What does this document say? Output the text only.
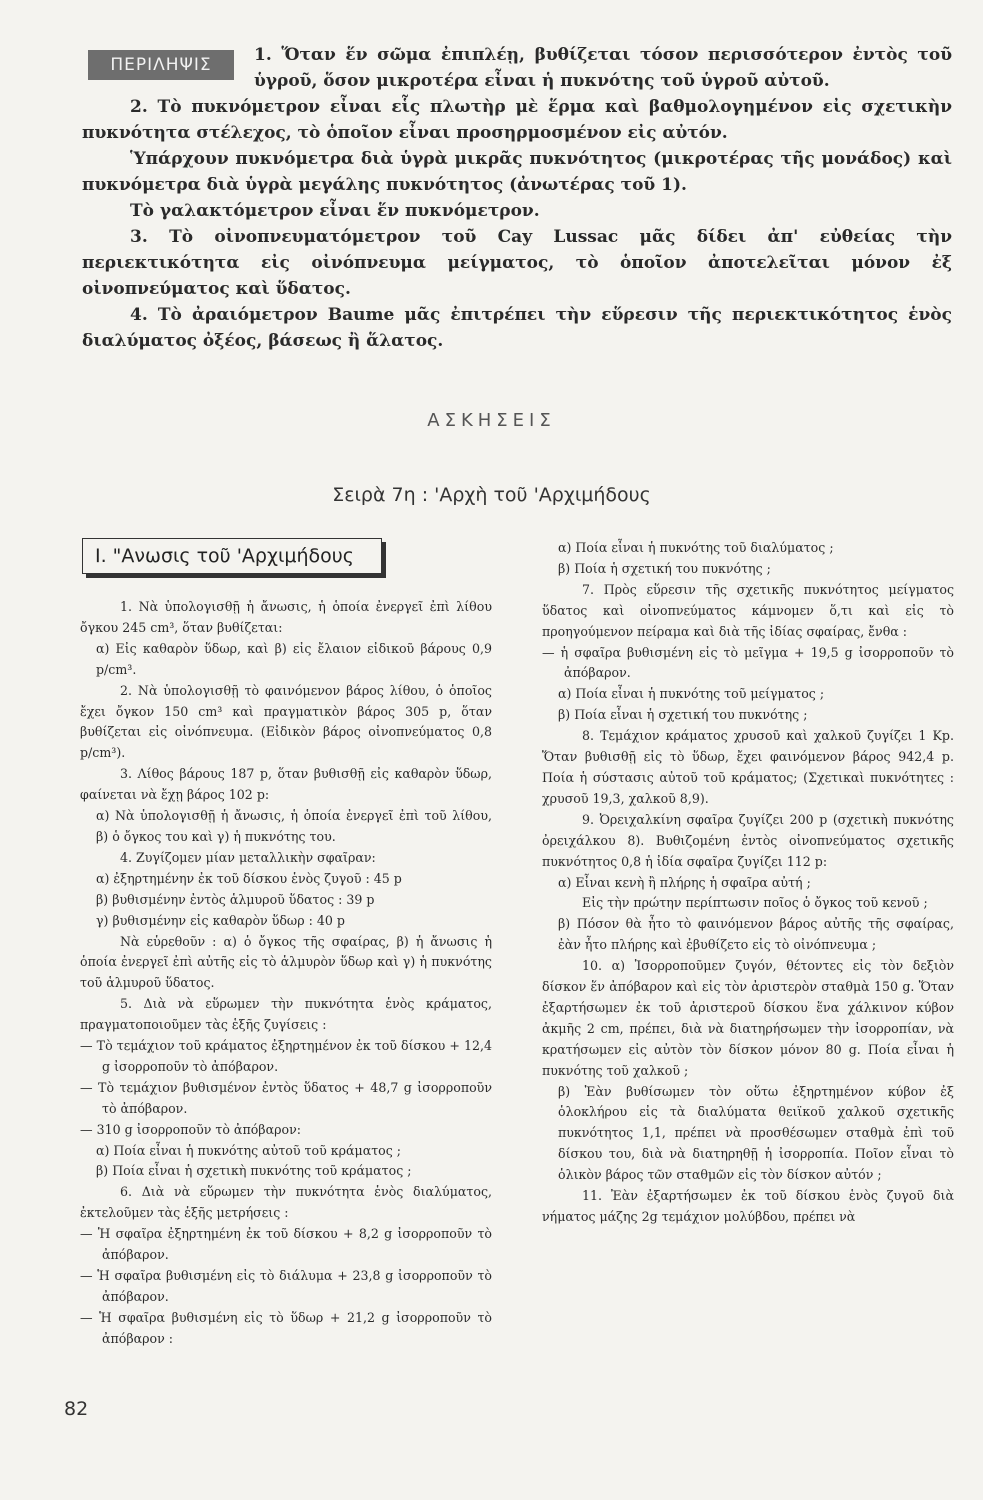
ΠΕΡΙΛΗΨΙΣ	1. Ὅταν ἕν σῶμα ἐπιπλέῃ, βυθίζεται τόσον περισσότερον ἐντὸς τοῦ ὑγροῦ, ὅσον μικροτέρα εἶναι ἡ πυκνότης τοῦ ὑγροῦ αὐτοῦ.

2. Τὸ πυκνόμετρον εἶναι εἷς πλωτὴρ μὲ ἕρμα καὶ βαθμολογημένον εἰς σχετικὴν πυκνότητα στέλεχος, τὸ ὁποῖον εἶναι προσηρμοσμένον εἰς αὐτόν.

Ὑπάρχουν πυκνόμετρα διὰ ὑγρὰ μικρᾶς πυκνότητος (μικροτέρας τῆς μονάδος) καὶ πυκνόμετρα διὰ ὑγρὰ μεγάλης πυκνότητος (ἀνωτέρας τοῦ 1).

Τὸ γαλακτόμετρον εἶναι ἕν πυκνόμετρον.

3. Τὸ οἰνοπνευματόμετρον τοῦ Cay Lussac μᾶς δίδει ἀπ' εὐθείας τὴν περιεκτικότητα εἰς οἰνόπνευμα μείγματος, τὸ ὁποῖον ἀποτελεῖται μόνον ἐξ οἰνοπνεύματος καὶ ὕδατος.

4. Τὸ ἀραιόμετρον Baume μᾶς ἐπιτρέπει τὴν εὕρεσιν τῆς περιεκτικότητος ἑνὸς διαλύματος ὀξέος, βάσεως ἢ ἅλατος.

ΑΣΚΗΣΕΙΣ
Σειρὰ 7η : 'Αρχὴ τοῦ 'Αρχιμήδους
Ι. "Ανωσις τοῦ 'Αρχιμήδους

1. Νὰ ὑπολογισθῇ ἡ ἄνωσις, ἡ ὁποία ἐνεργεῖ ἐπὶ λίθου ὄγκου 245 cm³, ὅταν βυθίζεται:

α) Εἰς καθαρὸν ὕδωρ, καὶ β) εἰς ἔλαιον εἰδικοῦ βάρους 0,9 p/cm³.

2. Νὰ ὑπολογισθῇ τὸ φαινόμενον βάρος λίθου, ὁ ὁποῖος ἔχει ὄγκον 150 cm³ καὶ πραγματικὸν βάρος 305 p, ὅταν βυθίζεται εἰς οἰνόπνευμα. (Εἰδικὸν βάρος οἰνοπνεύματος 0,8 p/cm³).

3. Λίθος βάρους 187 p, ὅταν βυθισθῇ εἰς καθαρὸν ὕδωρ, φαίνεται νὰ ἔχῃ βάρος 102 p:

α) Νὰ ὑπολογισθῇ ἡ ἄνωσις, ἡ ὁποία ἐνεργεῖ ἐπὶ τοῦ λίθου, β) ὁ ὄγκος του καὶ γ) ἡ πυκνότης του.

4. Ζυγίζομεν μίαν μεταλλικὴν σφαῖραν:

α) ἐξηρτημένην ἐκ τοῦ δίσκου ἑνὸς ζυγοῦ : 45 p

β) βυθισμένην ἐντὸς ἁλμυροῦ ὕδατος : 39 p

γ) βυθισμένην εἰς καθαρὸν ὕδωρ : 40 p

Νὰ εὑρεθοῦν : α) ὁ ὄγκος τῆς σφαίρας, β) ἡ ἄνωσις ἡ ὁποία ἐνεργεῖ ἐπὶ αὐτῆς εἰς τὸ ἁλμυρὸν ὕδωρ καὶ γ) ἡ πυκνότης τοῦ ἁλμυροῦ ὕδατος.

5. Διὰ νὰ εὕρωμεν τὴν πυκνότητα ἑνὸς κράματος, πραγματοποιοῦμεν τὰς ἑξῆς ζυγίσεις :

— Τὸ τεμάχιον τοῦ κράματος ἐξηρτημένον ἐκ τοῦ δίσκου + 12,4 g ἰσορροποῦν τὸ ἀπόβαρον.

— Τὸ τεμάχιον βυθισμένον ἐντὸς ὕδατος + 48,7 g ἰσορροποῦν τὸ ἀπόβαρον.

— 310 g ἰσορροποῦν τὸ ἀπόβαρον:

α) Ποία εἶναι ἡ πυκνότης αὐτοῦ τοῦ κράματος ;

β) Ποία εἶναι ἡ σχετικὴ πυκνότης τοῦ κράματος ;

6. Διὰ νὰ εὕρωμεν τὴν πυκνότητα ἑνὸς διαλύματος, ἐκτελοῦμεν τὰς ἑξῆς μετρήσεις :

— Ἡ σφαῖρα ἐξηρτημένη ἐκ τοῦ δίσκου + 8,2 g ἰσορροποῦν τὸ ἀπόβαρον.

— Ἡ σφαῖρα βυθισμένη εἰς τὸ διάλυμα + 23,8 g ἰσορροποῦν τὸ ἀπόβαρον.

— Ἡ σφαῖρα βυθισμένη εἰς τὸ ὕδωρ + 21,2 g ἰσορροποῦν τὸ ἀπόβαρον :

α) Ποία εἶναι ἡ πυκνότης τοῦ διαλύματος ;

β) Ποία ἡ σχετική του πυκνότης ;

7. Πρὸς εὕρεσιν τῆς σχετικῆς πυκνότητος μείγματος ὕδατος καὶ οἰνοπνεύματος κάμνομεν ὅ,τι καὶ εἰς τὸ προηγούμενον πείραμα καὶ διὰ τῆς ἰδίας σφαίρας, ἔνθα :

— ἡ σφαῖρα βυθισμένη εἰς τὸ μεῖγμα + 19,5 g ἰσορροποῦν τὸ ἀπόβαρον.

α) Ποία εἶναι ἡ πυκνότης τοῦ μείγματος ;

β) Ποία εἶναι ἡ σχετική του πυκνότης ;

8. Τεμάχιον κράματος χρυσοῦ καὶ χαλκοῦ ζυγίζει 1 Kp. Ὅταν βυθισθῇ εἰς τὸ ὕδωρ, ἔχει φαινόμενον βάρος 942,4 p. Ποία ἡ σύστασις αὐτοῦ τοῦ κράματος; (Σχετικαὶ πυκνότητες : χρυσοῦ 19,3, χαλκοῦ 8,9).

9. Ὀρειχαλκίνη σφαῖρα ζυγίζει 200 p (σχετικὴ πυκνότης ὀρειχάλκου 8). Βυθιζομένη ἐντὸς οἰνοπνεύματος σχετικῆς πυκνότητος 0,8 ἡ ἰδία σφαῖρα ζυγίζει 112 p:

α) Εἶναι κενὴ ἢ πλήρης ἡ σφαῖρα αὐτή ;

Εἰς τὴν πρώτην περίπτωσιν ποῖος ὁ ὄγκος τοῦ κενοῦ ;

β) Πόσον θὰ ἦτο τὸ φαινόμενον βάρος αὐτῆς τῆς σφαίρας, ἐὰν ἦτο πλήρης καὶ ἐβυθίζετο εἰς τὸ οἰνόπνευμα ;

10. α) Ἰσορροποῦμεν ζυγόν, θέτοντες εἰς τὸν δεξιὸν δίσκον ἕν ἀπόβαρον καὶ εἰς τὸν ἀριστερὸν σταθμὰ 150 g. Ὅταν ἐξαρτήσωμεν ἐκ τοῦ ἀριστεροῦ δίσκου ἕνα χάλκινον κύβον ἀκμῆς 2 cm, πρέπει, διὰ νὰ διατηρήσωμεν τὴν ἰσορροπίαν, νὰ κρατήσωμεν εἰς αὐτὸν τὸν δίσκον μόνον 80 g. Ποία εἶναι ἡ πυκνότης τοῦ χαλκοῦ ;

β) Ἐὰν βυθίσωμεν τὸν οὕτω ἐξηρτημένον κύβον ἐξ ὁλοκλήρου εἰς τὰ διαλύματα θειϊκοῦ χαλκοῦ σχετικῆς πυκνότητος 1,1, πρέπει νὰ προσθέσωμεν σταθμὰ ἐπὶ τοῦ δίσκου του, διὰ νὰ διατηρηθῇ ἡ ἰσορροπία. Ποῖον εἶναι τὸ ὁλικὸν βάρος τῶν σταθμῶν εἰς τὸν δίσκον αὐτόν ;

11. Ἐὰν ἐξαρτήσωμεν ἐκ τοῦ δίσκου ἑνὸς ζυγοῦ διὰ νήματος μάζης 2g τεμάχιον μολύβδου, πρέπει νὰ

82
